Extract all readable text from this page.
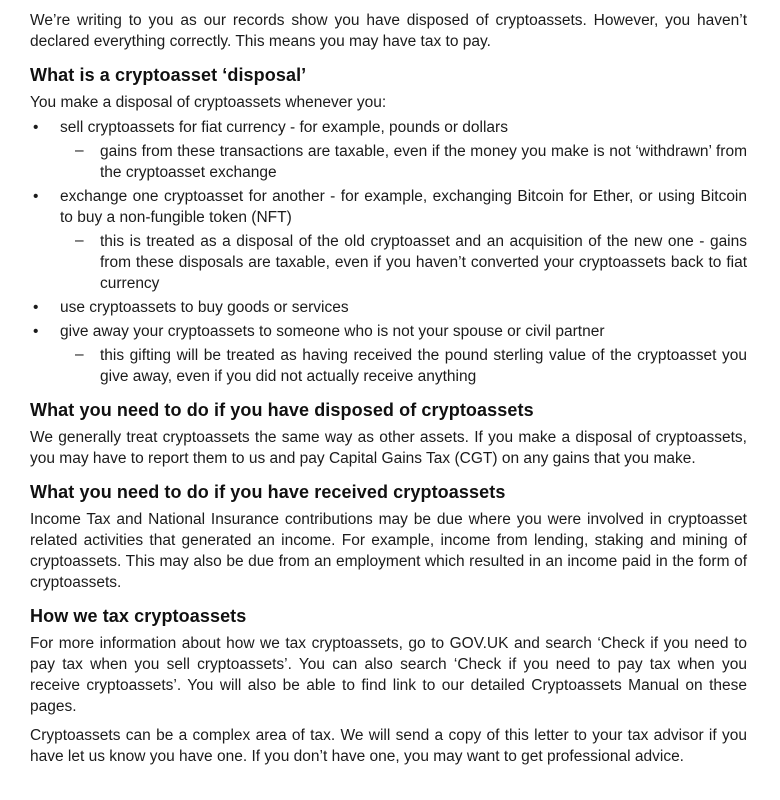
We’re writing to you as our records show you have disposed of cryptoassets. However, you haven’t declared everything correctly. This means you may have tax to pay.

What is a cryptoasset ‘disposal’

You make a disposal of cryptoassets whenever you:

• sell cryptoassets for fiat currency - for example, pounds or dollars
– gains from these transactions are taxable, even if the money you make is not ‘withdrawn’ from the cryptoasset exchange
• exchange one cryptoasset for another - for example, exchanging Bitcoin for Ether, or using Bitcoin to buy a non-fungible token (NFT)
– this is treated as a disposal of the old cryptoasset and an acquisition of the new one - gains from these disposals are taxable, even if you haven’t converted your cryptoassets back to fiat currency
• use cryptoassets to buy goods or services
• give away your cryptoassets to someone who is not your spouse or civil partner
– this gifting will be treated as having received the pound sterling value of the cryptoasset you give away, even if you did not actually receive anything
What you need to do if you have disposed of cryptoassets

We generally treat cryptoassets the same way as other assets. If you make a disposal of cryptoassets, you may have to report them to us and pay Capital Gains Tax (CGT) on any gains that you make.

What you need to do if you have received cryptoassets

Income Tax and National Insurance contributions may be due where you were involved in cryptoasset related activities that generated an income. For example, income from lending, staking and mining of cryptoassets. This may also be due from an employment which resulted in an income paid in the form of cryptoassets.

How we tax cryptoassets

For more information about how we tax cryptoassets, go to GOV.UK and search ‘Check if you need to pay tax when you sell cryptoassets’. You can also search ‘Check if you need to pay tax when you receive cryptoassets’. You will also be able to find link to our detailed Cryptoassets Manual on these pages.

Cryptoassets can be a complex area of tax. We will send a copy of this letter to your tax advisor if you have let us know you have one. If you don’t have one, you may want to get professional advice.
